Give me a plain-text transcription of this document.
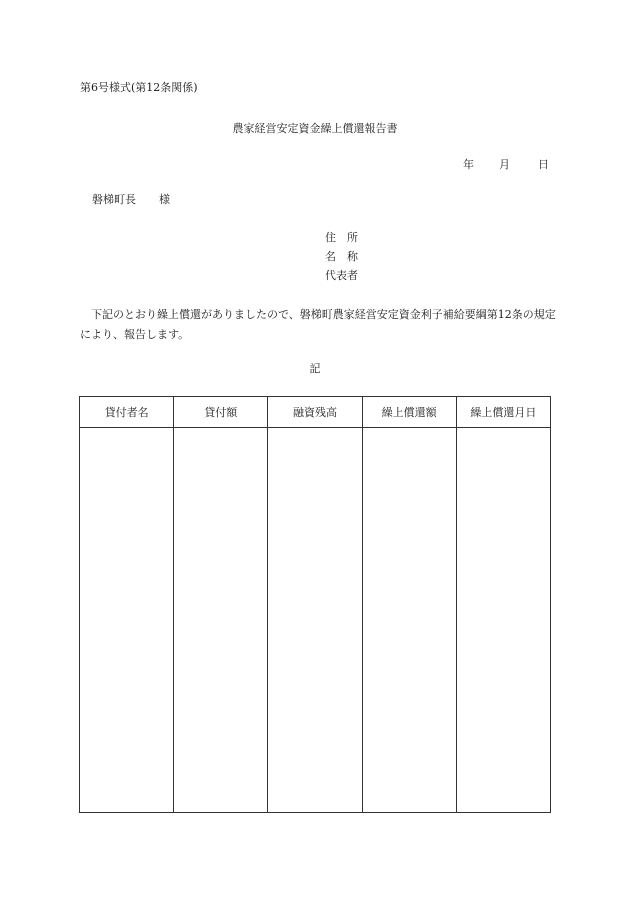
第6号様式(第12条関係)
農家経営安定資金繰上償還報告書
年 月	日
磐梯町長 様
住　所
名　称
代表者
下記のとおり繰上償還がありましたので、磐梯町農家経営安定資金利子補給要綱第12条の規定により、報告します。
記
貸付者名	貸付額	融資残高	繰上償還額	繰上償還月日
